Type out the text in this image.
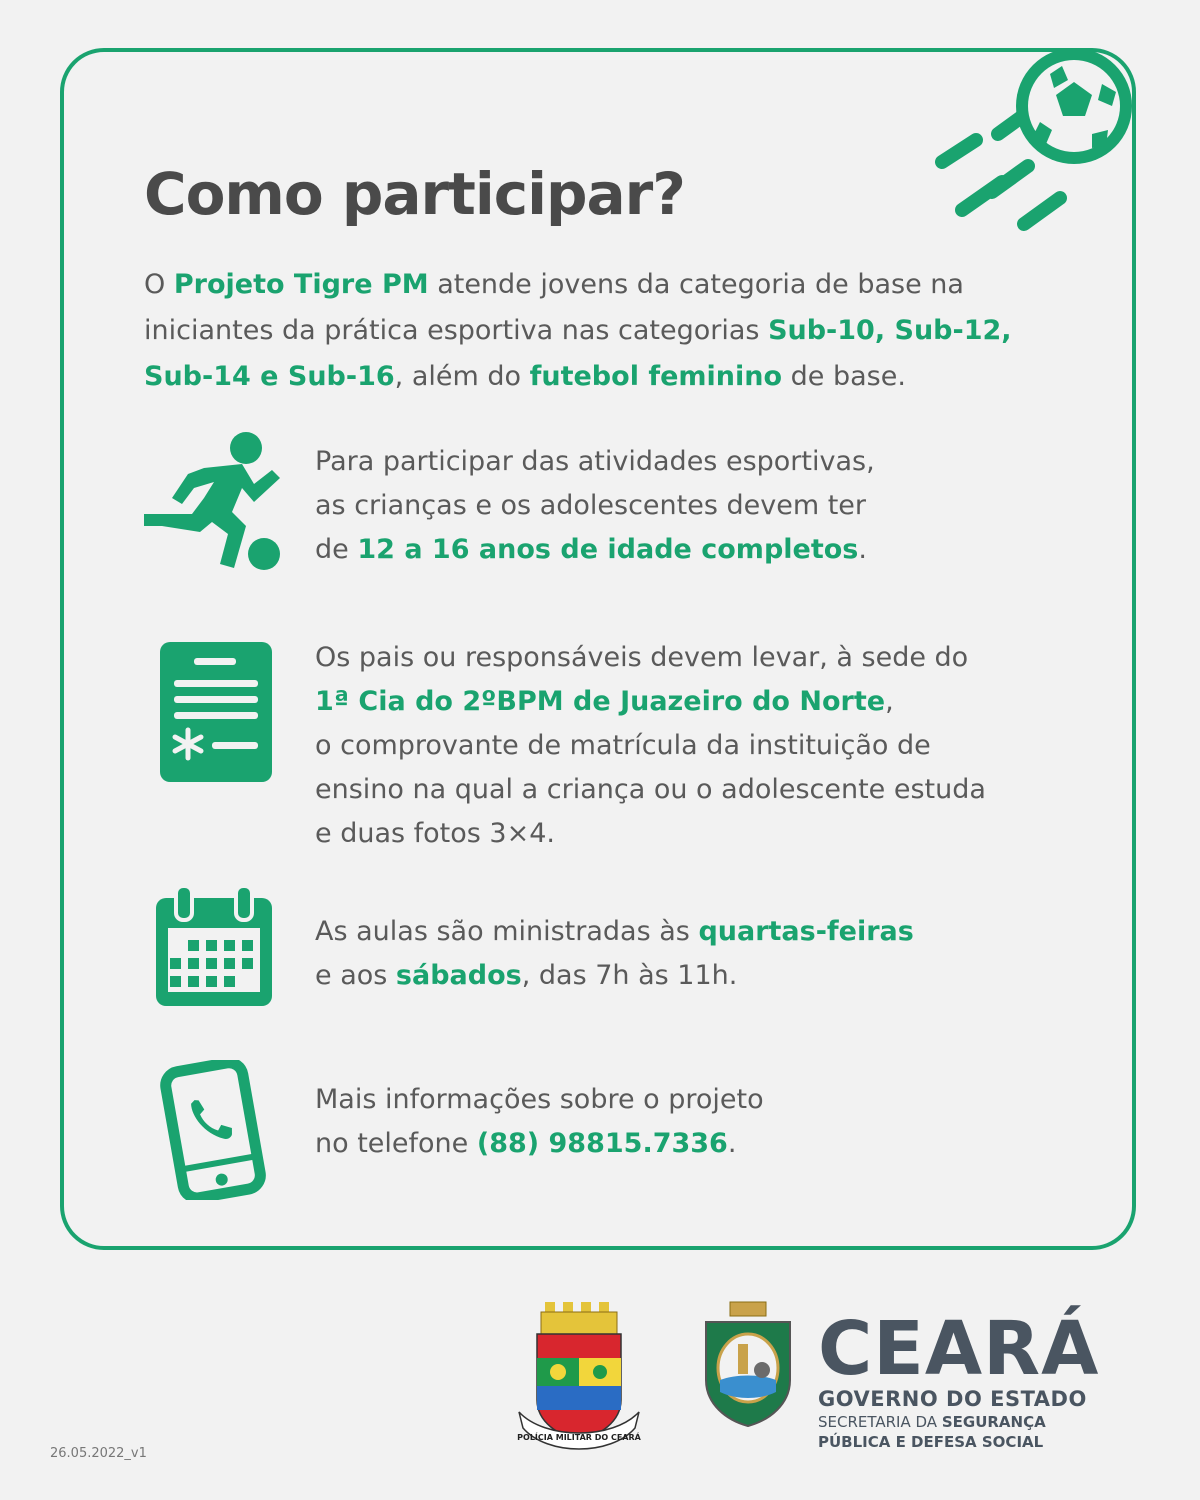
Como participar?

O Projeto Tigre PM atende jovens da categoria de base na iniciantes da prática esportiva nas categorias Sub-10, Sub-12, Sub-14 e Sub-16, além do futebol feminino de base.

Para participar das atividades esportivas,
as crianças e os adolescentes devem ter
de 12 a 16 anos de idade completos.

Os pais ou responsáveis devem levar, à sede do
1ª Cia do 2ºBPM de Juazeiro do Norte,
o comprovante de matrícula da instituição de
ensino na qual a criança ou o adolescente estuda
e duas fotos 3×4.

As aulas são ministradas às quartas-feiras
e aos sábados, das 7h às 11h.

Mais informações sobre o projeto
no telefone (88) 98815.7336.

26.05.2022_v1
POLÍCIA MILITAR DO CEARÁ
CEARÁ
GOVERNO DO ESTADO
SECRETARIA DA SEGURANÇA
PÚBLICA E DEFESA SOCIAL
